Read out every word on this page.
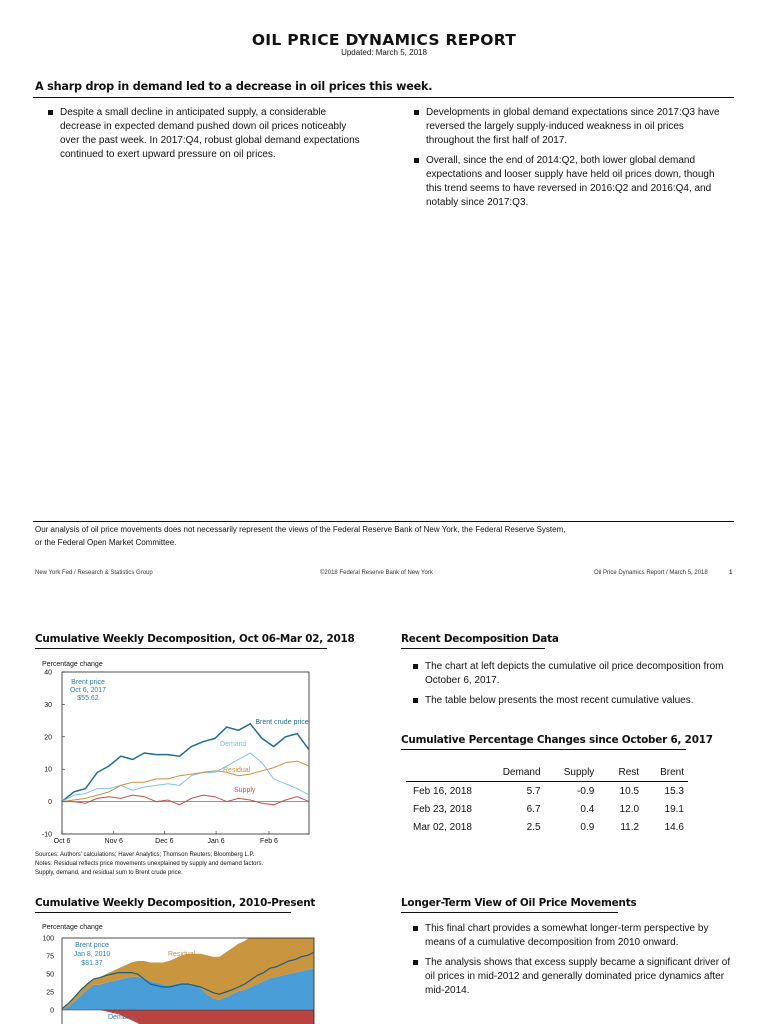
OIL PRICE DYNAMICS REPORT
Updated: March 5, 2018
A sharp drop in demand led to a decrease in oil prices this week.
Despite a small decline in anticipated supply, a considerable decrease in expected demand pushed down oil prices noticeably over the past week. In 2017:Q4, robust global demand expectations continued to exert upward pressure on oil prices.
Developments in global demand expectations since 2017:Q3 have reversed the largely supply-induced weakness in oil prices throughout the first half of 2017.
Overall, since the end of 2014:Q2, both lower global demand expectations and looser supply have held oil prices down, though this trend seems to have reversed in 2016:Q2 and 2016:Q4, and notably since 2017:Q3.
Our analysis of oil price movements does not necessarily represent the views of the Federal Reserve Bank of New York, the Federal Reserve System,
or the Federal Open Market Committee.
New York Fed / Research & Statistics Group	©2018 Federal Reserve Bank of New York	Oil Price Dynamics Report / March 5, 2018	1
Cumulative Weekly Decomposition, Oct 06-Mar 02, 2018
Percentage change
-10
0
10
20
30
40
Oct 6	Nov 6	Dec 6	Jan 6	Feb 6
Brent price
Oct 6, 2017
$55.62
Brent crude price
Demand
Residual
Supply
Sources: Authors' calculations; Haver Analytics; Thomson Reuters; Bloomberg L.P.
Notes: Residual reflects price movements unexplained by supply and demand factors.
Supply, demand, and residual sum to Brent crude price.
Recent Decomposition Data
The chart at left depicts the cumulative oil price decomposition from October 6, 2017.
The table below presents the most recent cumulative values.
Cumulative Percentage Changes since October 6, 2017
	Demand	Supply	Rest	Brent
Feb 16, 2018	5.7	-0.9	10.5	15.3
Feb 23, 2018	6.7	0.4	12.0	19.1
Mar 02, 2018	2.5	0.9	11.2	14.6
Cumulative Weekly Decomposition, 2010-Present
Percentage change
0
25
50
75
100
Brent price
Jan 8, 2010
$81.37
Residual
Demand
Longer-Term View of Oil Price Movements
This final chart provides a somewhat longer-term perspective by means of a cumulative decomposition from 2010 onward.
The analysis shows that excess supply became a significant driver of oil prices in mid-2012 and generally dominated price dynamics after mid-2014.
